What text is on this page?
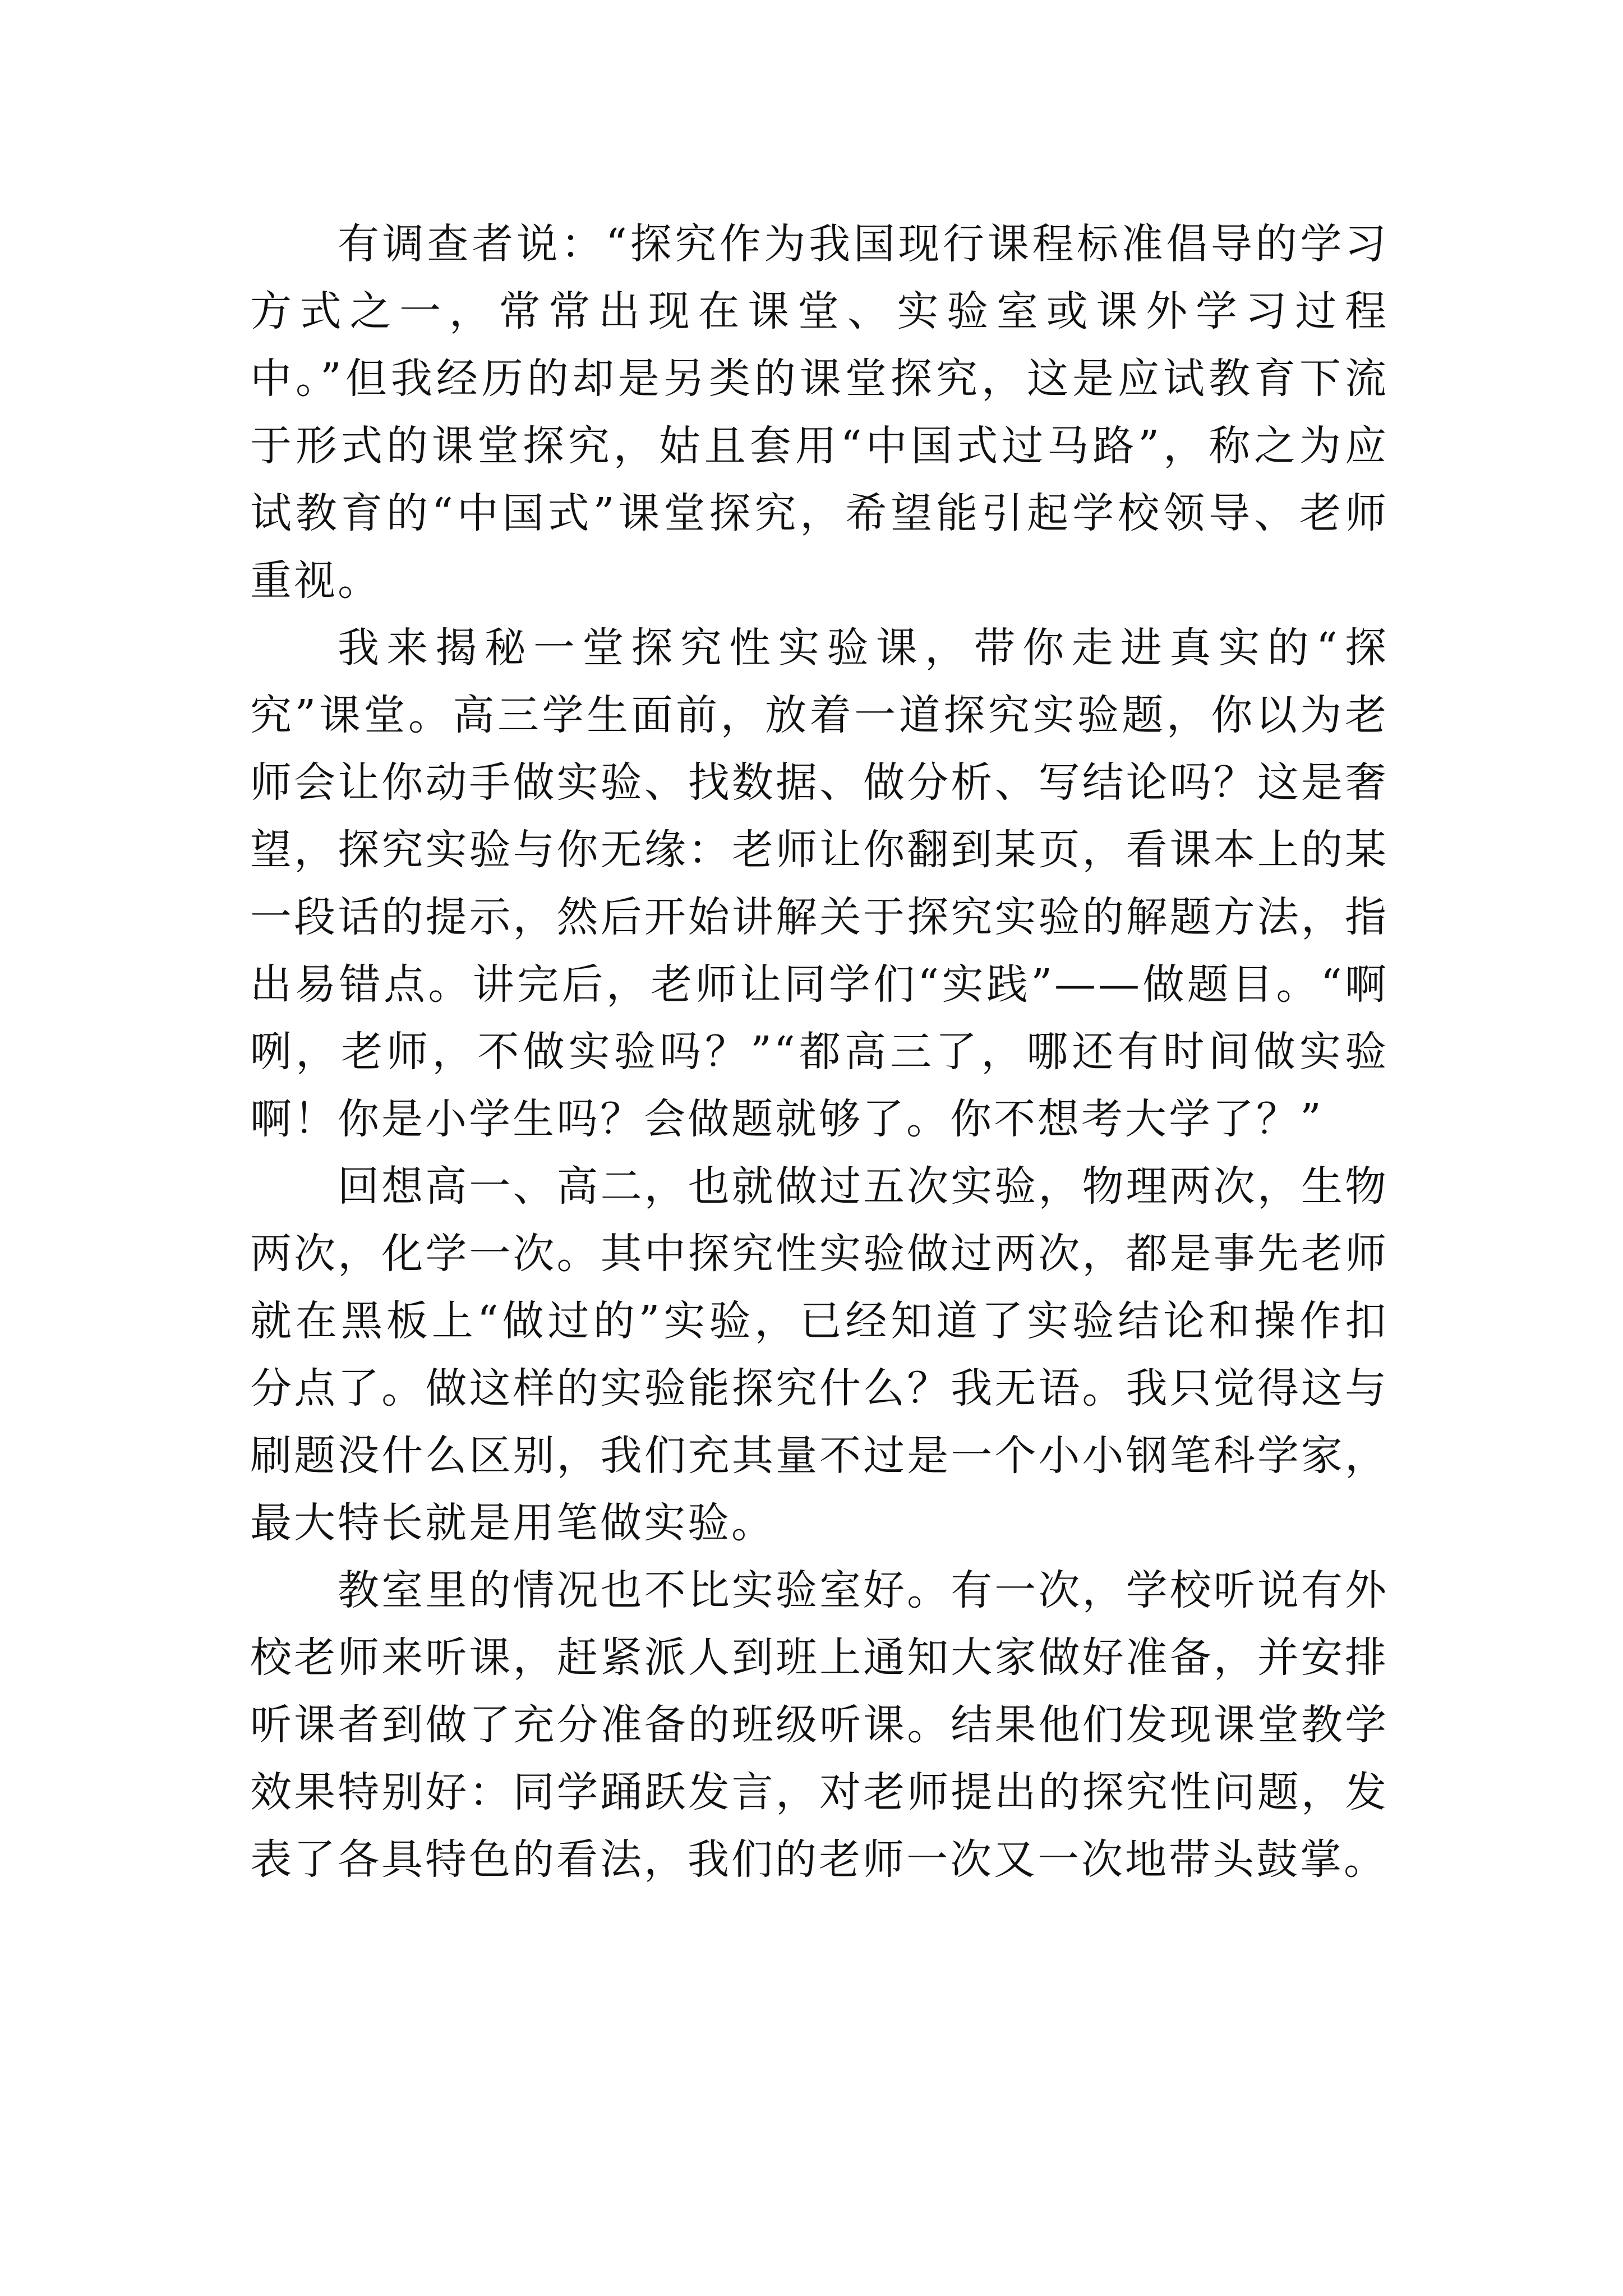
有调查者说：“探究作为我国现行课程标准倡导的学习方式之一，常常出现在课堂、实验室或课外学习过程中。”但我经历的却是另类的课堂探究，这是应试教育下流于形式的课堂探究，姑且套用“中国式过马路”，称之为应试教育的“中国式”课堂探究，希望能引起学校领导、老师重视。

我来揭秘一堂探究性实验课，带你走进真实的“探究”课堂。高三学生面前，放着一道探究实验题，你以为老师会让你动手做实验、找数据、做分析、写结论吗？这是奢望，探究实验与你无缘：老师让你翻到某页，看课本上的某一段话的提示，然后开始讲解关于探究实验的解题方法，指出易错点。讲完后，老师让同学们“实践”——做题目。“啊咧，老师，不做实验吗？”“都高三了，哪还有时间做实验啊！你是小学生吗？会做题就够了。你不想考大学了？”

回想高一、高二，也就做过五次实验，物理两次，生物两次，化学一次。其中探究性实验做过两次，都是事先老师就在黑板上“做过的”实验，已经知道了实验结论和操作扣分点了。做这样的实验能探究什么？我无语。我只觉得这与刷题没什么区别，我们充其量不过是一个小小钢笔科学家，最大特长就是用笔做实验。

教室里的情况也不比实验室好。有一次，学校听说有外校老师来听课，赶紧派人到班上通知大家做好准备，并安排听课者到做了充分准备的班级听课。结果他们发现课堂教学效果特别好：同学踊跃发言，对老师提出的探究性问题，发表了各具特色的看法，我们的老师一次又一次地带头鼓掌。
